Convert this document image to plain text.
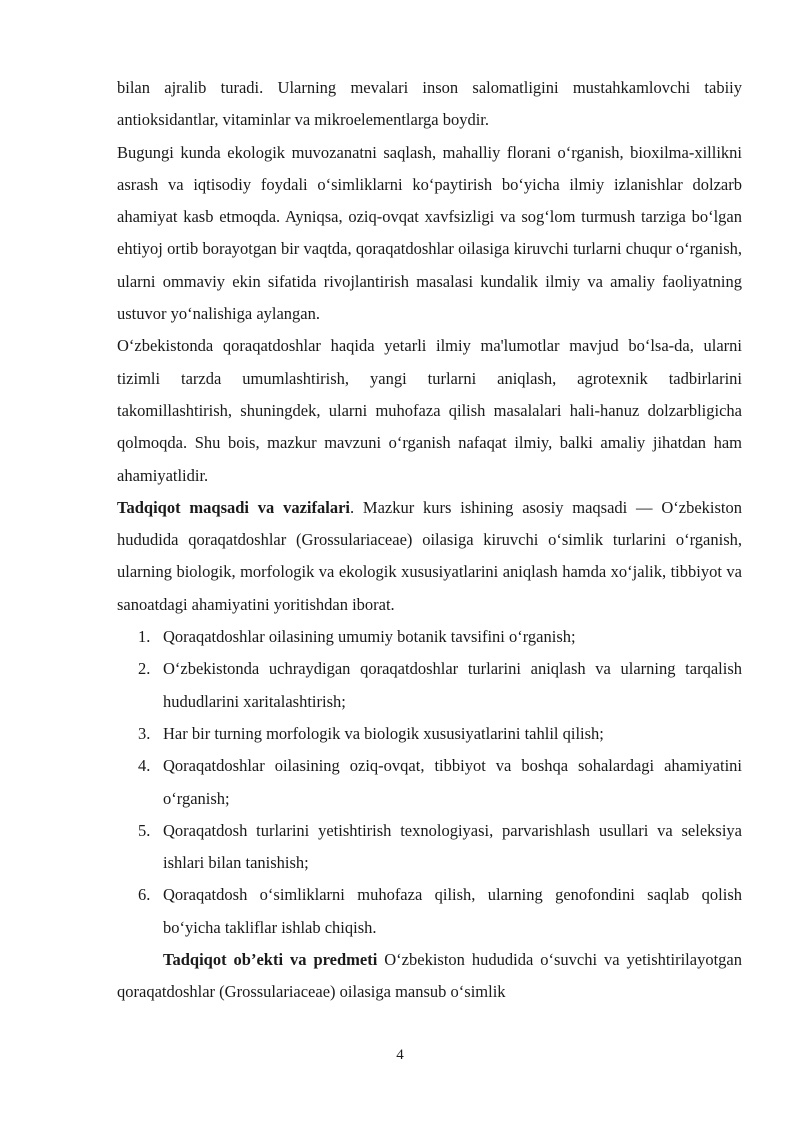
bilan ajralib turadi. Ularning mevalari inson salomatligini mustahkamlovchi tabiiy antioksidantlar, vitaminlar va mikroelementlarga boydir.

Bugungi kunda ekologik muvozanatni saqlash, mahalliy florani o‘rganish, bioxilma-xillikni asrash va iqtisodiy foydali o‘simliklarni ko‘paytirish bo‘yicha ilmiy izlanishlar dolzarb ahamiyat kasb etmoqda. Ayniqsa, oziq-ovqat xavfsizligi va sog‘lom turmush tarziga bo‘lgan ehtiyoj ortib borayotgan bir vaqtda, qoraqatdoshlar oilasiga kiruvchi turlarni chuqur o‘rganish, ularni ommaviy ekin sifatida rivojlantirish masalasi kundalik ilmiy va amaliy faoliyatning ustuvor yo‘nalishiga aylangan.

O‘zbekistonda qoraqatdoshlar haqida yetarli ilmiy ma'lumotlar mavjud bo‘lsa-da, ularni tizimli tarzda umumlashtirish, yangi turlarni aniqlash, agrotexnik tadbirlarini takomillashtirish, shuningdek, ularni muhofaza qilish masalalari hali-hanuz dolzarbligicha qolmoqda. Shu bois, mazkur mavzuni o‘rganish nafaqat ilmiy, balki amaliy jihatdan ham ahamiyatlidir.

Tadqiqot maqsadi va vazifalari. Mazkur kurs ishining asosiy maqsadi — O‘zbekiston hududida qoraqatdoshlar (Grossulariaceae) oilasiga kiruvchi o‘simlik turlarini o‘rganish, ularning biologik, morfologik va ekologik xususiyatlarini aniqlash hamda xo‘jalik, tibbiyot va sanoatdagi ahamiyatini yoritishdan iborat.

1. Qoraqatdoshlar oilasining umumiy botanik tavsifini o‘rganish;
2. O‘zbekistonda uchraydigan qoraqatdoshlar turlarini aniqlash va ularning tarqalish hududlarini xaritalashtirish;
3. Har bir turning morfologik va biologik xususiyatlarini tahlil qilish;
4. Qoraqatdoshlar oilasining oziq-ovqat, tibbiyot va boshqa sohalardagi ahamiyatini o‘rganish;
5. Qoraqatdosh turlarini yetishtirish texnologiyasi, parvarishlash usullari va seleksiya ishlari bilan tanishish;
6. Qoraqatdosh o‘simliklarni muhofaza qilish, ularning genofondini saqlab qolish bo‘yicha takliflar ishlab chiqish.

Tadqiqot ob’ekti va predmeti O‘zbekiston hududida o‘suvchi va yetishtirilayotgan qoraqatdoshlar (Grossulariaceae) oilasiga mansub o‘simlik

4
